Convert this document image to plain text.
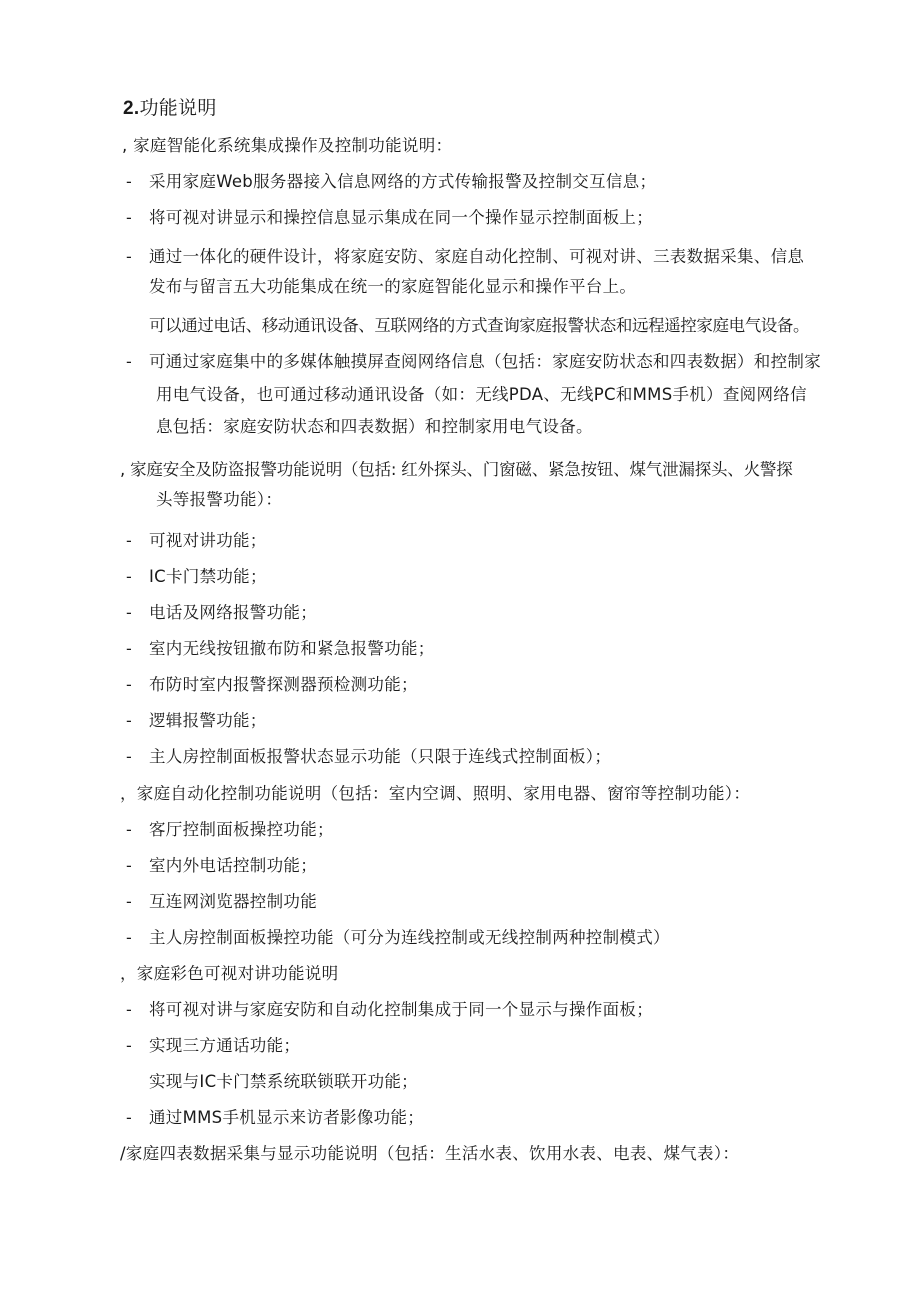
2.功能说明
, 家庭智能化系统集成操作及控制功能说明：
- 采用家庭Web服务器接入信息网络的方式传输报警及控制交互信息；
- 将可视对讲显示和操控信息显示集成在同一个操作显示控制面板上；
- 通过一体化的硬件设计，将家庭安防、家庭自动化控制、可视对讲、三表数据采集、信息
发布与留言五大功能集成在统一的家庭智能化显示和操作平台上。
可以通过电话、移动通讯设备、互联网络的方式查询家庭报警状态和远程遥控家庭电气设备。
- 可通过家庭集中的多媒体触摸屏查阅网络信息（包括：家庭安防状态和四表数据）和控制家
用电气设备，也可通过移动通讯设备（如：无线PDA、无线PC和MMS手机）查阅网络信
息包括：家庭安防状态和四表数据）和控制家用电气设备。
, 家庭安全及防盗报警功能说明（包括: 红外探头、门窗磁、紧急按钮、煤气泄漏探头、火警探
头等报警功能）：
- 可视对讲功能；
- IC卡门禁功能；
- 电话及网络报警功能；
- 室内无线按钮撤布防和紧急报警功能；
- 布防时室内报警探测器预检测功能；
- 逻辑报警功能；
- 主人房控制面板报警状态显示功能（只限于连线式控制面板）；
，家庭自动化控制功能说明（包括：室内空调、照明、家用电器、窗帘等控制功能）：
- 客厅控制面板操控功能；
- 室内外电话控制功能；
- 互连网浏览器控制功能
- 主人房控制面板操控功能（可分为连线控制或无线控制两种控制模式）
，家庭彩色可视对讲功能说明
- 将可视对讲与家庭安防和自动化控制集成于同一个显示与操作面板；
- 实现三方通话功能；
实现与IC卡门禁系统联锁联开功能；
- 通过MMS手机显示来访者影像功能；
/家庭四表数据采集与显示功能说明（包括：生活水表、饮用水表、电表、煤气表）：
